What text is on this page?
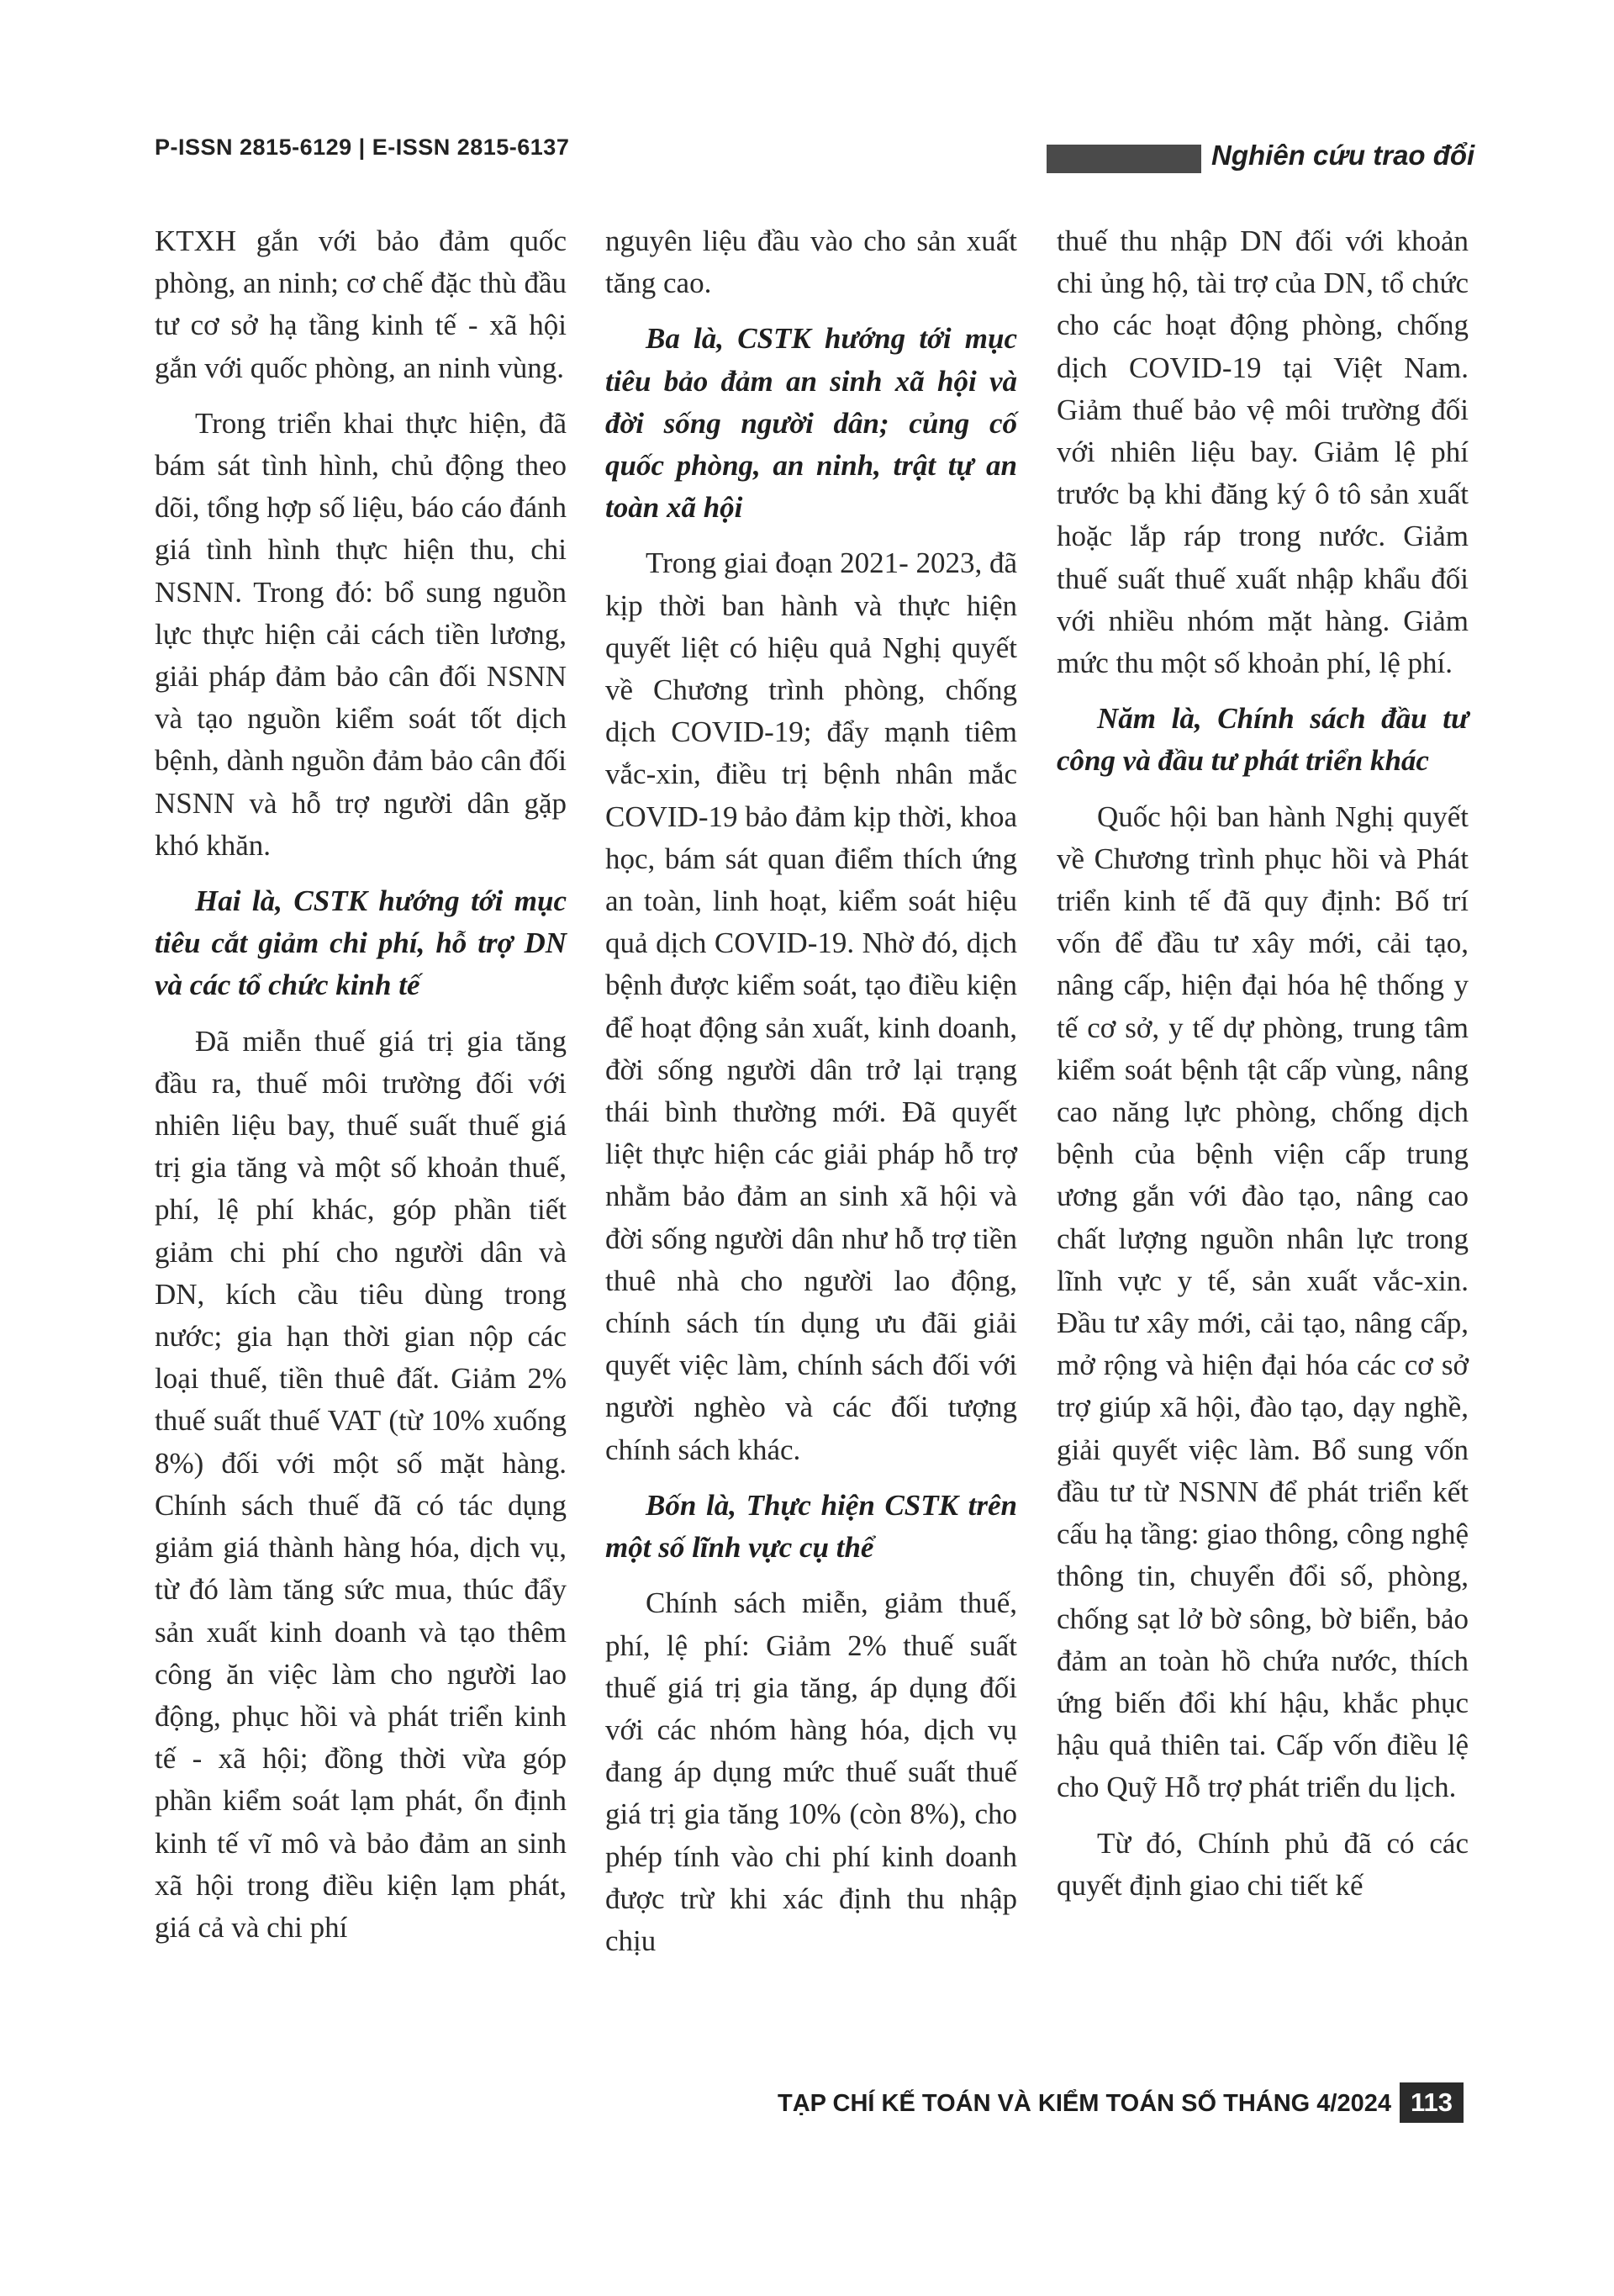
P-ISSN 2815-6129 | E-ISSN 2815-6137	Nghiên cứu trao đổi

KTXH gắn với bảo đảm quốc phòng, an ninh; cơ chế đặc thù đầu tư cơ sở hạ tầng kinh tế - xã hội gắn với quốc phòng, an ninh vùng.

Trong triển khai thực hiện, đã bám sát tình hình, chủ động theo dõi, tổng hợp số liệu, báo cáo đánh giá tình hình thực hiện thu, chi NSNN. Trong đó: bổ sung nguồn lực thực hiện cải cách tiền lương, giải pháp đảm bảo cân đối NSNN và tạo nguồn kiểm soát tốt dịch bệnh, dành nguồn đảm bảo cân đối NSNN và hỗ trợ người dân gặp khó khăn.

Hai là, CSTK hướng tới mục tiêu cắt giảm chi phí, hỗ trợ DN và các tổ chức kinh tế

Đã miễn thuế giá trị gia tăng đầu ra, thuế môi trường đối với nhiên liệu bay, thuế suất thuế giá trị gia tăng và một số khoản thuế, phí, lệ phí khác, góp phần tiết giảm chi phí cho người dân và DN, kích cầu tiêu dùng trong nước; gia hạn thời gian nộp các loại thuế, tiền thuê đất. Giảm 2% thuế suất thuế VAT (từ 10% xuống 8%) đối với một số mặt hàng. Chính sách thuế đã có tác dụng giảm giá thành hàng hóa, dịch vụ, từ đó làm tăng sức mua, thúc đẩy sản xuất kinh doanh và tạo thêm công ăn việc làm cho người lao động, phục hồi và phát triển kinh tế - xã hội; đồng thời vừa góp phần kiểm soát lạm phát, ổn định kinh tế vĩ mô và bảo đảm an sinh xã hội trong điều kiện lạm phát, giá cả và chi phí

nguyên liệu đầu vào cho sản xuất tăng cao.

Ba là, CSTK hướng tới mục tiêu bảo đảm an sinh xã hội và đời sống người dân; củng cố quốc phòng, an ninh, trật tự an toàn xã hội

Trong giai đoạn 2021- 2023, đã kịp thời ban hành và thực hiện quyết liệt có hiệu quả Nghị quyết về Chương trình phòng, chống dịch COVID-19; đẩy mạnh tiêm vắc-xin, điều trị bệnh nhân mắc COVID-19 bảo đảm kịp thời, khoa học, bám sát quan điểm thích ứng an toàn, linh hoạt, kiểm soát hiệu quả dịch COVID-19. Nhờ đó, dịch bệnh được kiểm soát, tạo điều kiện để hoạt động sản xuất, kinh doanh, đời sống người dân trở lại trạng thái bình thường mới. Đã quyết liệt thực hiện các giải pháp hỗ trợ nhằm bảo đảm an sinh xã hội và đời sống người dân như hỗ trợ tiền thuê nhà cho người lao động, chính sách tín dụng ưu đãi giải quyết việc làm, chính sách đối với người nghèo và các đối tượng chính sách khác.

Bốn là, Thực hiện CSTK trên một số lĩnh vực cụ thể

Chính sách miễn, giảm thuế, phí, lệ phí: Giảm 2% thuế suất thuế giá trị gia tăng, áp dụng đối với các nhóm hàng hóa, dịch vụ đang áp dụng mức thuế suất thuế giá trị gia tăng 10% (còn 8%), cho phép tính vào chi phí kinh doanh được trừ khi xác định thu nhập chịu

thuế thu nhập DN đối với khoản chi ủng hộ, tài trợ của DN, tổ chức cho các hoạt động phòng, chống dịch COVID-19 tại Việt Nam. Giảm thuế bảo vệ môi trường đối với nhiên liệu bay. Giảm lệ phí trước bạ khi đăng ký ô tô sản xuất hoặc lắp ráp trong nước. Giảm thuế suất thuế xuất nhập khẩu đối với nhiều nhóm mặt hàng. Giảm mức thu một số khoản phí, lệ phí.

Năm là, Chính sách đầu tư công và đầu tư phát triển khác

Quốc hội ban hành Nghị quyết về Chương trình phục hồi và Phát triển kinh tế đã quy định: Bố trí vốn để đầu tư xây mới, cải tạo, nâng cấp, hiện đại hóa hệ thống y tế cơ sở, y tế dự phòng, trung tâm kiểm soát bệnh tật cấp vùng, nâng cao năng lực phòng, chống dịch bệnh của bệnh viện cấp trung ương gắn với đào tạo, nâng cao chất lượng nguồn nhân lực trong lĩnh vực y tế, sản xuất vắc-xin. Đầu tư xây mới, cải tạo, nâng cấp, mở rộng và hiện đại hóa các cơ sở trợ giúp xã hội, đào tạo, dạy nghề, giải quyết việc làm. Bổ sung vốn đầu tư từ NSNN để phát triển kết cấu hạ tầng: giao thông, công nghệ thông tin, chuyển đổi số, phòng, chống sạt lở bờ sông, bờ biển, bảo đảm an toàn hồ chứa nước, thích ứng biến đổi khí hậu, khắc phục hậu quả thiên tai. Cấp vốn điều lệ cho Quỹ Hỗ trợ phát triển du lịch.

Từ đó, Chính phủ đã có các quyết định giao chi tiết kế

TẠP CHÍ KẾ TOÁN VÀ KIỂM TOÁN SỐ THÁNG 4/2024 113
